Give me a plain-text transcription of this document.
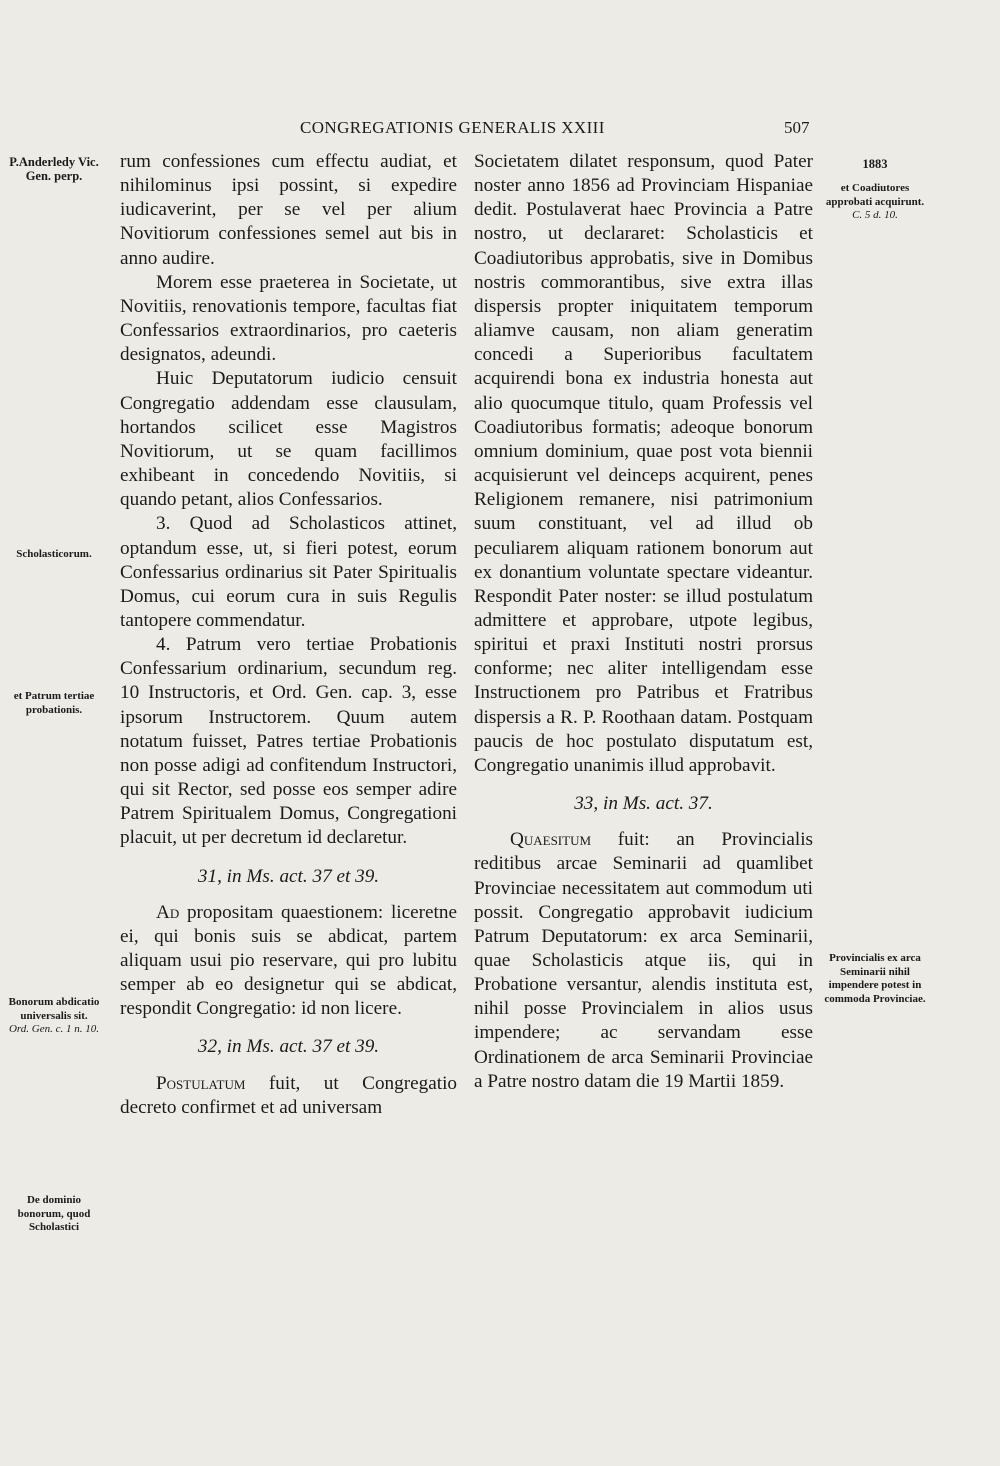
CONGREGATIONIS GENERALIS XXIII	507
P.Anderledy Vic. Gen. perp.
Scholasticorum.
et Patrum tertiae probationis.
Bonorum abdicatio universalis sit.
Ord. Gen. c. 1 n. 10.
De dominio bonorum, quod Scholastici
1883
et Coadiutores approbati acquirunt.
C. 5 d. 10.
Provincialis ex arca Seminarii nihil impendere potest in commoda Provinciae.

rum confessiones cum effectu audiat, et nihilominus ipsi possint, si expedire iudicaverint, per se vel per alium Novitiorum confessiones semel aut bis in anno audire.

Morem esse praeterea in Societate, ut Novitiis, renovationis tempore, facultas fiat Confessarios extraordinarios, pro caeteris designatos, adeundi.

Huic Deputatorum iudicio censuit Congregatio addendam esse clausulam, hortandos scilicet esse Magistros Novitiorum, ut se quam facillimos exhibeant in concedendo Novitiis, si quando petant, alios Confessarios.

3. Quod ad Scholasticos attinet, optandum esse, ut, si fieri potest, eorum Confessarius ordinarius sit Pater Spiritualis Domus, cui eorum cura in suis Regulis tantopere commendatur.

4. Patrum vero tertiae Probationis Confessarium ordinarium, secundum reg. 10 Instructoris, et Ord. Gen. cap. 3, esse ipsorum Instructorem. Quum autem notatum fuisset, Patres tertiae Probationis non posse adigi ad confitendum Instructori, qui sit Rector, sed posse eos semper adire Patrem Spiritualem Domus, Congregationi placuit, ut per decretum id declaretur.

31, in Ms. act. 37 et 39.

Ad propositam quaestionem: liceretne ei, qui bonis suis se abdicat, partem aliquam usui pio reservare, qui pro lubitu semper ab eo designetur qui se abdicat, respondit Congregatio: id non licere.

32, in Ms. act. 37 et 39.

Postulatum fuit, ut Congregatio decreto confirmet et ad universam

Societatem dilatet responsum, quod Pater noster anno 1856 ad Provinciam Hispaniae dedit. Postulaverat haec Provincia a Patre nostro, ut declararet: Scholasticis et Coadiutoribus approbatis, sive in Domibus nostris commorantibus, sive extra illas dispersis propter iniquitatem temporum aliamve causam, non aliam generatim concedi a Superioribus facultatem acquirendi bona ex industria honesta aut alio quocumque titulo, quam Professis vel Coadiutoribus formatis; adeoque bonorum omnium dominium, quae post vota biennii acquisierunt vel deinceps acquirent, penes Religionem remanere, nisi patrimonium suum constituant, vel ad illud ob peculiarem aliquam rationem bonorum aut ex donantium voluntate spectare videantur. Respondit Pater noster: se illud postulatum admittere et approbare, utpote legibus, spiritui et praxi Instituti nostri prorsus conforme; nec aliter intelligendam esse Instructionem pro Patribus et Fratribus dispersis a R. P. Roothaan datam. Postquam paucis de hoc postulato disputatum est, Congregatio unanimis illud approbavit.

33, in Ms. act. 37.

Quaesitum fuit: an Provincialis reditibus arcae Seminarii ad quamlibet Provinciae necessitatem aut commodum uti possit. Congregatio approbavit iudicium Patrum Deputatorum: ex arca Seminarii, quae Scholasticis atque iis, qui in Probatione versantur, alendis instituta est, nihil posse Provincialem in alios usus impendere; ac servandam esse Ordinationem de arca Seminarii Provinciae a Patre nostro datam die 19 Martii 1859.
